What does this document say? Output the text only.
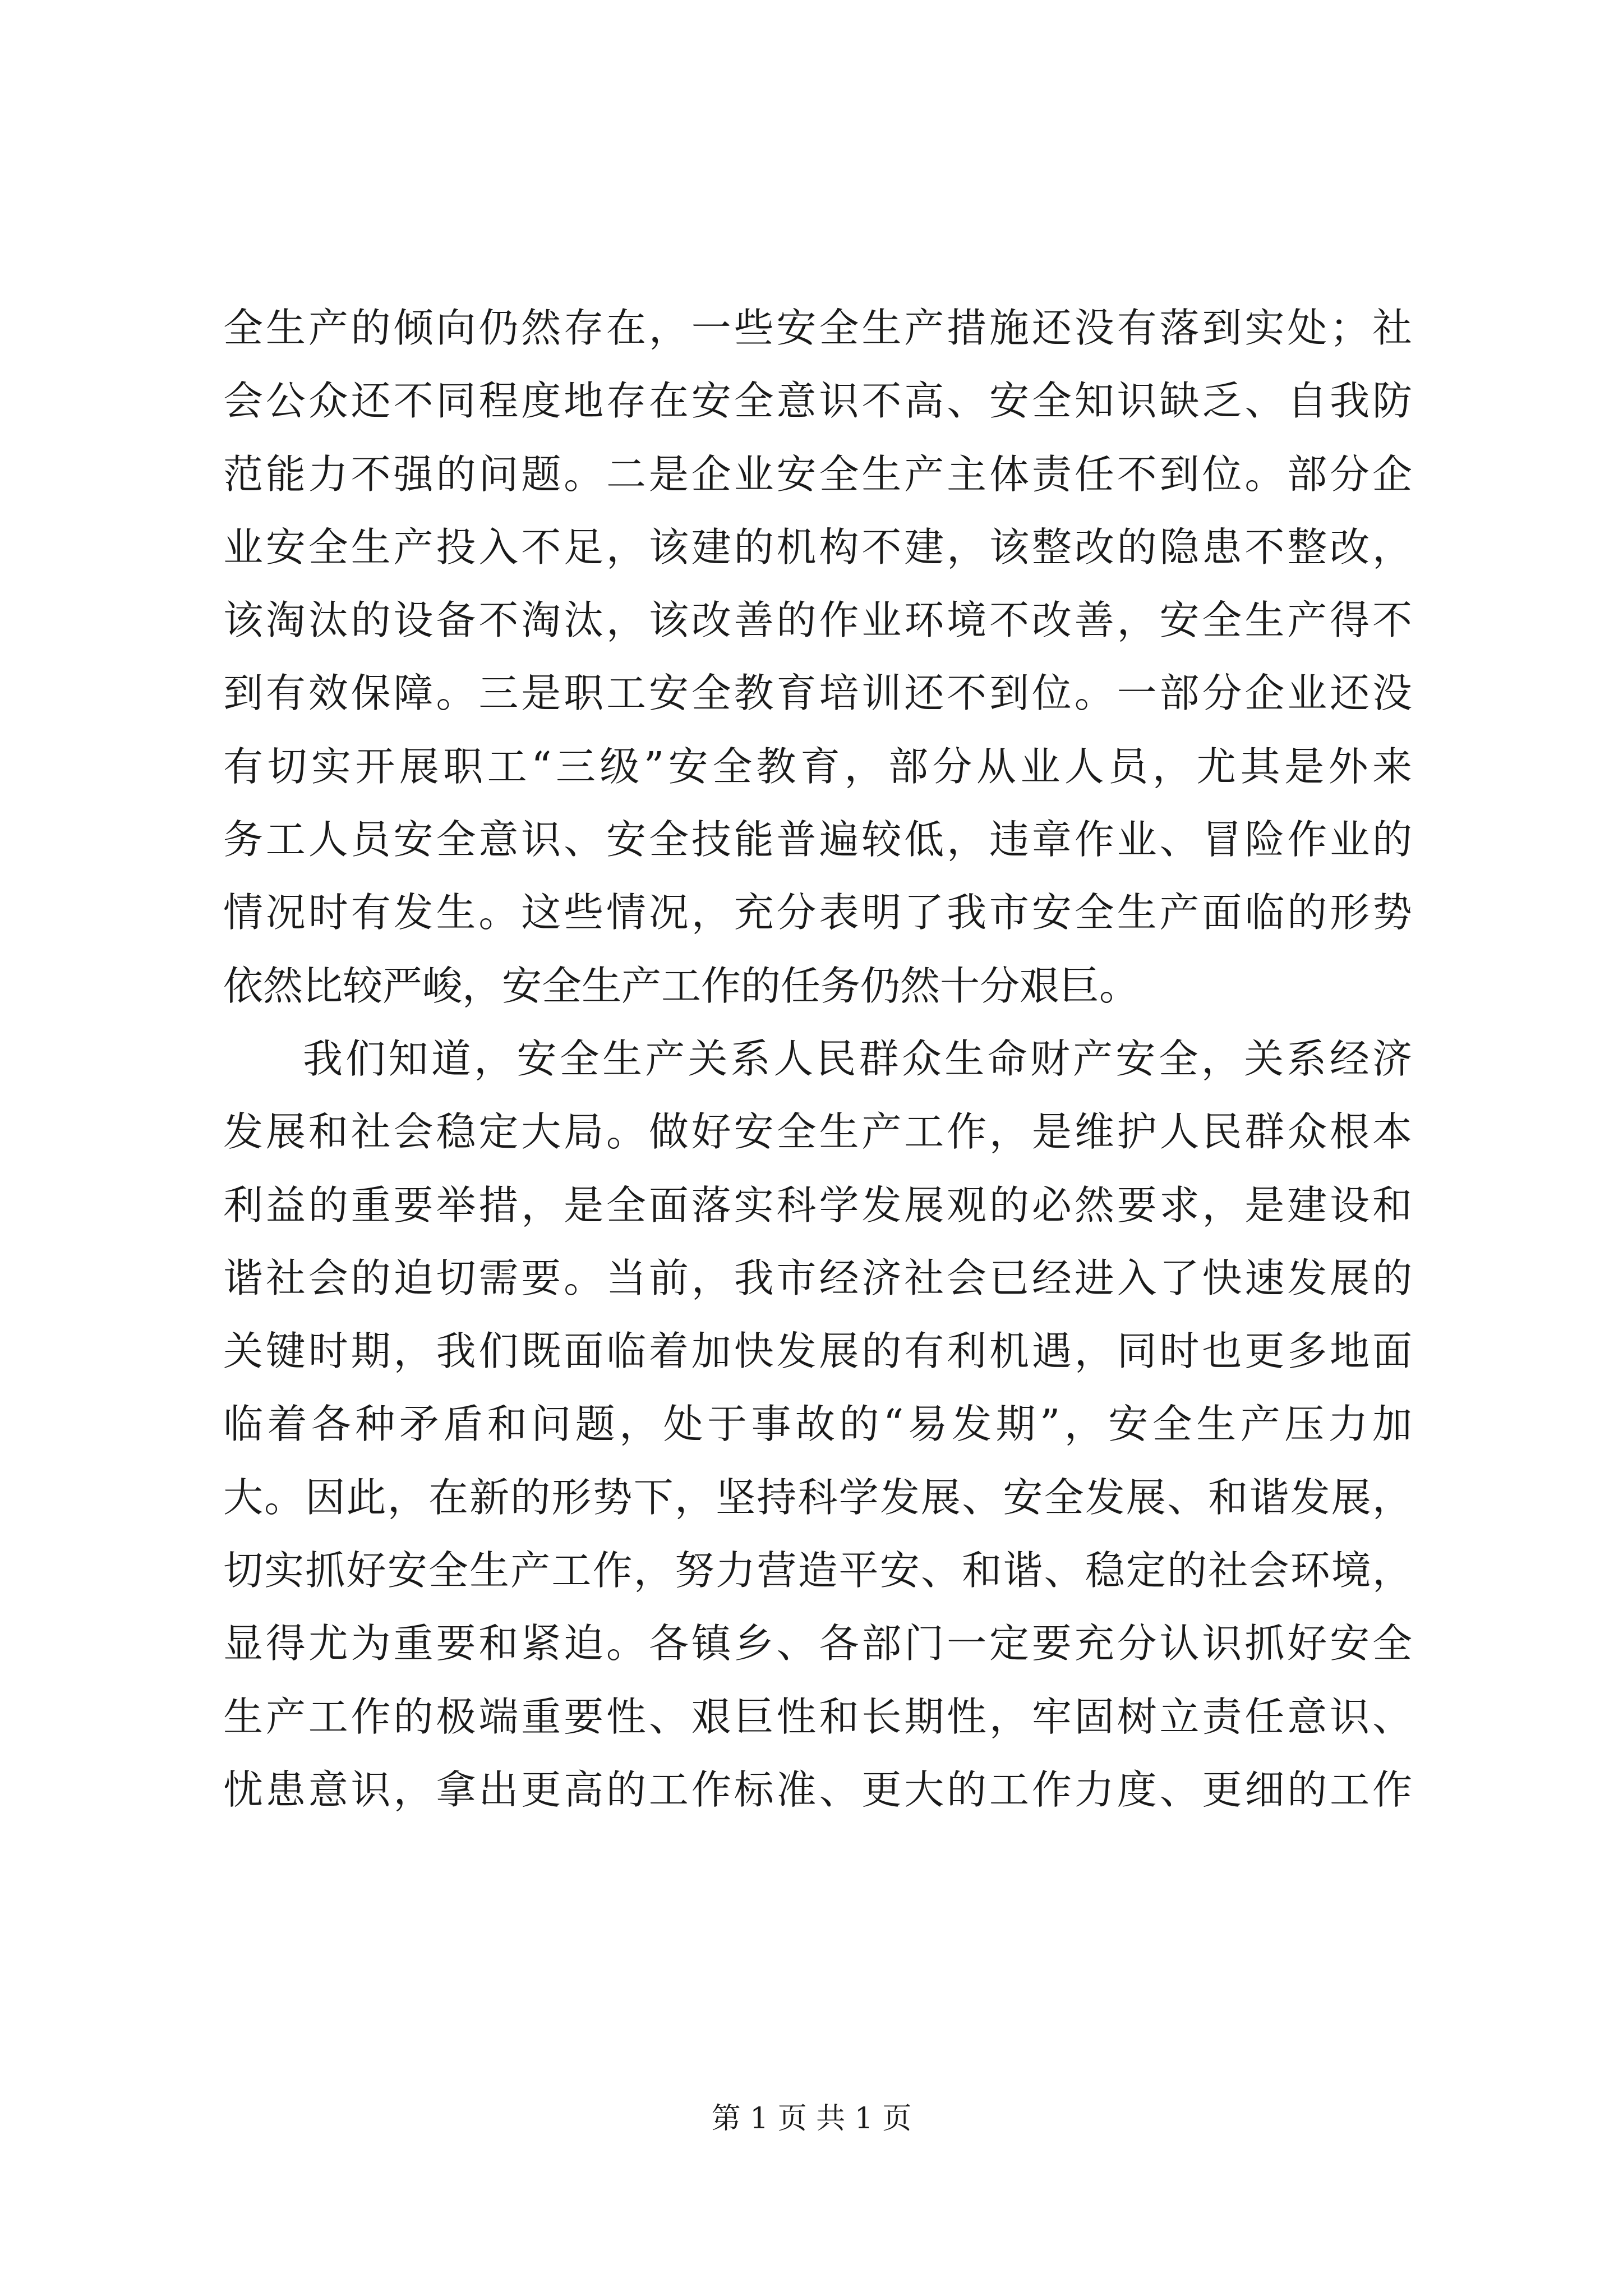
全生产的倾向仍然存在，一些安全生产措施还没有落到实处；社
会公众还不同程度地存在安全意识不高、安全知识缺乏、自我防
范能力不强的问题。二是企业安全生产主体责任不到位。部分企
业安全生产投入不足，该建的机构不建，该整改的隐患不整改，
该淘汰的设备不淘汰，该改善的作业环境不改善，安全生产得不
到有效保障。三是职工安全教育培训还不到位。一部分企业还没
有切实开展职工“三级”安全教育，部分从业人员，尤其是外来
务工人员安全意识、安全技能普遍较低，违章作业、冒险作业的
情况时有发生。这些情况，充分表明了我市安全生产面临的形势
依然比较严峻，安全生产工作的任务仍然十分艰巨。
我们知道，安全生产关系人民群众生命财产安全，关系经济
发展和社会稳定大局。做好安全生产工作，是维护人民群众根本
利益的重要举措，是全面落实科学发展观的必然要求，是建设和
谐社会的迫切需要。当前，我市经济社会已经进入了快速发展的
关键时期，我们既面临着加快发展的有利机遇，同时也更多地面
临着各种矛盾和问题，处于事故的“易发期”，安全生产压力加
大。因此，在新的形势下，坚持科学发展、安全发展、和谐发展，
切实抓好安全生产工作，努力营造平安、和谐、稳定的社会环境，
显得尤为重要和紧迫。各镇乡、各部门一定要充分认识抓好安全
生产工作的极端重要性、艰巨性和长期性，牢固树立责任意识、
忧患意识，拿出更高的工作标准、更大的工作力度、更细的工作
第 1 页 共 1 页
